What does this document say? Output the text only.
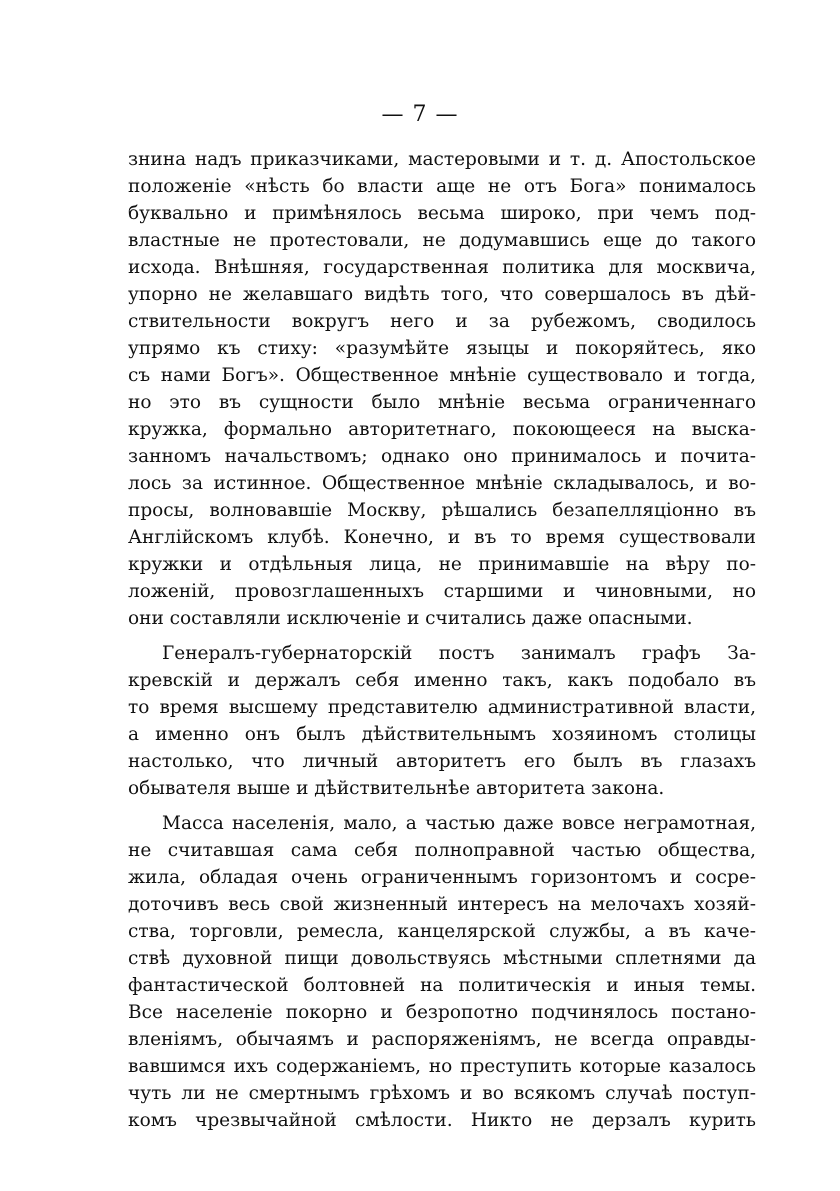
— 7 —
знина надъ приказчиками, мастеровыми и т. д. Апостольское
положеніе «нѣсть бо власти аще не отъ Бога» понималось
буквально и примѣнялось весьма широко, при чемъ под-
властные не протестовали, не додумавшись еще до такого
исхода. Внѣшняя, государственная политика для москвича,
упорно не желавшаго видѣть того, что совершалось въ дѣй-
ствительности вокругъ него и за рубежомъ, сводилось
упрямо къ стиху: «разумѣйте языцы и покоряйтесь, яко
съ нами Богъ». Общественное мнѣніе существовало и тогда,
но это въ сущности было мнѣніе весьма ограниченнаго
кружка, формально авторитетнаго, покоющееся на выска-
занномъ начальствомъ; однако оно принималось и почита-
лось за истинное. Общественное мнѣніе складывалось, и во-
просы, волновавшіе Москву, рѣшались безапелляціонно въ
Англійскомъ клубѣ. Конечно, и въ то время существовали
кружки и отдѣльныя лица, не принимавшіе на вѣру по-
ложеній, провозглашенныхъ старшими и чиновными, но
они составляли исключеніе и считались даже опасными.
Генералъ-губернаторскій постъ занималъ графъ За-
кревскій и держалъ себя именно такъ, какъ подобало въ
то время высшему представителю административной власти,
а именно онъ былъ дѣйствительнымъ хозяиномъ столицы
настолько, что личный авторитетъ его былъ въ глазахъ
обывателя выше и дѣйствительнѣе авторитета закона.
Масса населенія, мало, а частью даже вовсе неграмотная,
не считавшая сама себя полноправной частью общества,
жила, обладая очень ограниченнымъ горизонтомъ и сосре-
доточивъ весь свой жизненный интересъ на мелочахъ хозяй-
ства, торговли, ремесла, канцелярской службы, а въ каче-
ствѣ духовной пищи довольствуясь мѣстными сплетнями да
фантастической болтовней на политическія и иныя темы.
Все населеніе покорно и безропотно подчинялось постано-
вленіямъ, обычаямъ и распоряженіямъ, не всегда оправды-
вавшимся ихъ содержаніемъ, но преступить которые казалось
чуть ли не смертнымъ грѣхомъ и во всякомъ случаѣ поступ-
комъ чрезвычайной смѣлости. Никто не дерзалъ курить
